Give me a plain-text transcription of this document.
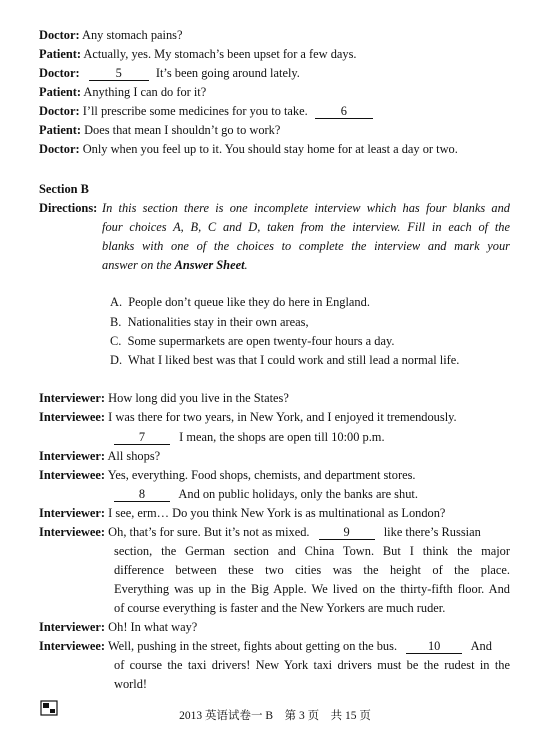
Doctor: Any stomach pains?
Patient: Actually, yes. My stomach’s been upset for a few days.
Doctor:	5	It’s been going around lately.
Patient: Anything I can do for it?
Doctor: I’ll prescribe some medicines for you to take.	6
Patient: Does that mean I shouldn’t go to work?
Doctor: Only when you feel up to it. You should stay home for at least a day or two.
Section B
Directions: In this section there is one incomplete interview which has four blanks and
four choices A, B, C and D, taken from the interview. Fill in each of the
blanks with one of the choices to complete the interview and mark your
answer on the Answer Sheet.
A. People don’t queue like they do here in England.
B. Nationalities stay in their own areas,
C. Some supermarkets are open twenty-four hours a day.
D. What I liked best was that I could work and still lead a normal life.
Interviewer: How long did you live in the States?
Interviewee: I was there for two years, in New York, and I enjoyed it tremendously.
7	I mean, the shops are open till 10:00 p.m.
Interviewer: All shops?
Interviewee: Yes, everything. Food shops, chemists, and department stores.
8	And on public holidays, only the banks are shut.
Interviewer: I see, erm… Do you think New York is as multinational as London?
Interviewee: Oh, that’s for sure. But it’s not as mixed.	9	like there’s Russian
section, the German section and China Town. But I think the major
difference between these two cities was the height of the place.
Everything was up in the Big Apple. We lived on the thirty-fifth floor. And
of course everything is faster and the New Yorkers are much ruder.
Interviewer: Oh! In what way?
Interviewee: Well, pushing in the street, fights about getting on the bus. 10 And
of course the taxi drivers! New York taxi drivers must be the rudest in the
world!
2013 英语试卷一 B　第 3 页　共 15 页
